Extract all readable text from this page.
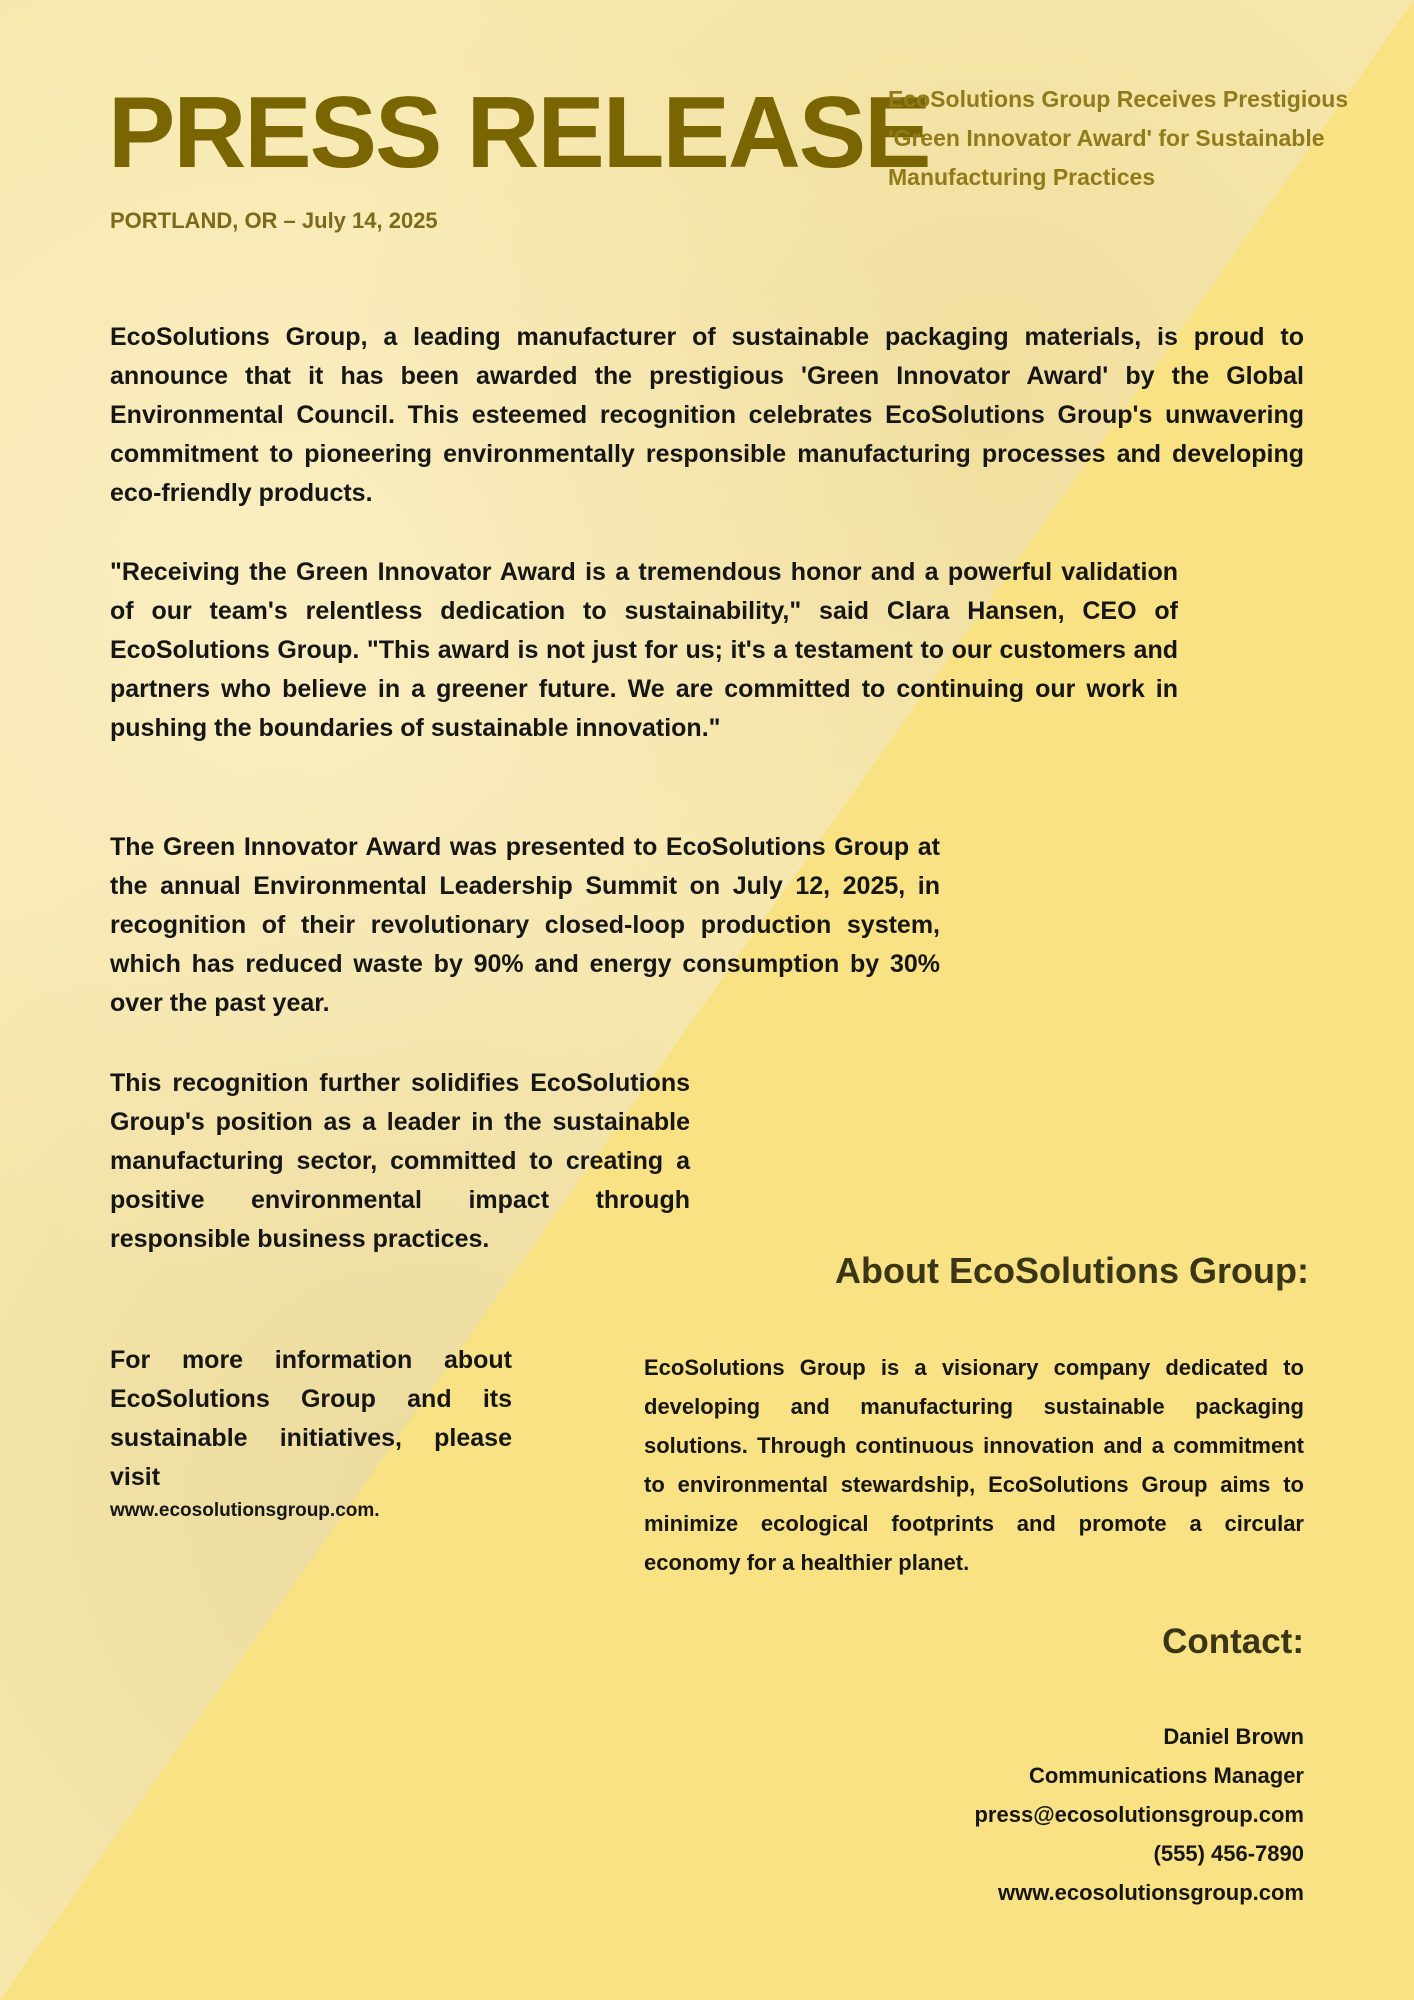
PRESS RELEASE

EcoSolutions Group Receives Prestigious 'Green Innovator Award' for Sustainable Manufacturing Practices

PORTLAND, OR – July 14, 2025

EcoSolutions Group, a leading manufacturer of sustainable packaging materials, is proud to announce that it has been awarded the prestigious 'Green Innovator Award' by the Global Environmental Council. This esteemed recognition celebrates EcoSolutions Group's unwavering commitment to pioneering environmentally responsible manufacturing processes and developing eco-friendly products.

"Receiving the Green Innovator Award is a tremendous honor and a powerful validation of our team's relentless dedication to sustainability," said Clara Hansen, CEO of EcoSolutions Group. "This award is not just for us; it's a testament to our customers and partners who believe in a greener future. We are committed to continuing our work in pushing the boundaries of sustainable innovation."

The Green Innovator Award was presented to EcoSolutions Group at the annual Environmental Leadership Summit on July 12, 2025, in recognition of their revolutionary closed-loop production system, which has reduced waste by 90% and energy consumption by 30% over the past year.

This recognition further solidifies EcoSolutions Group's position as a leader in the sustainable manufacturing sector, committed to creating a positive environmental impact through responsible business practices.

For more information about EcoSolutions Group and its sustainable initiatives, please visit
www.ecosolutionsgroup.com.

About EcoSolutions Group:

EcoSolutions Group is a visionary company dedicated to developing and manufacturing sustainable packaging solutions. Through continuous innovation and a commitment to environmental stewardship, EcoSolutions Group aims to minimize ecological footprints and promote a circular economy for a healthier planet.

Contact:
Daniel Brown
Communications Manager
press@ecosolutionsgroup.com
(555) 456-7890
www.ecosolutionsgroup.com
